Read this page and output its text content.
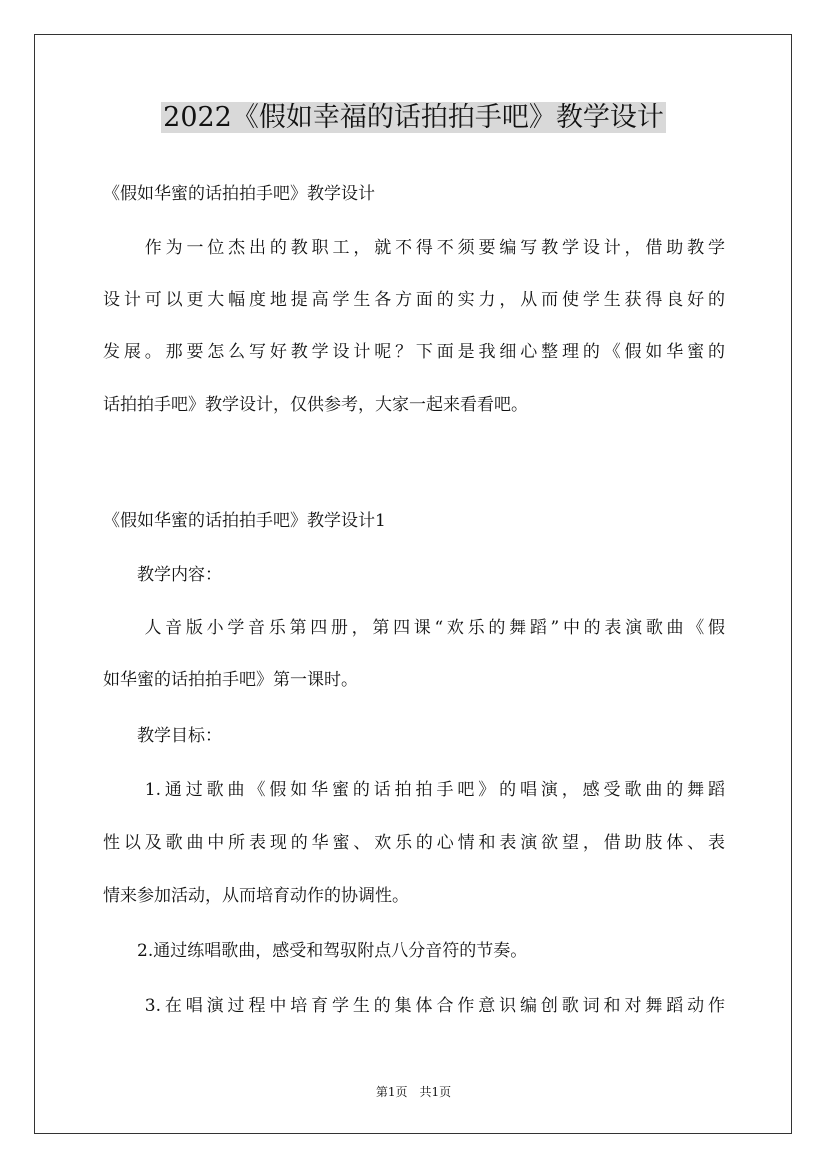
2022《假如幸福的话拍拍手吧》教学设计
《假如华蜜的话拍拍手吧》教学设计
　　作为一位杰出的教职工，就不得不须要编写教学设计，借助教学
设计可以更大幅度地提高学生各方面的实力，从而使学生获得良好的
发展。那要怎么写好教学设计呢？下面是我细心整理的《假如华蜜的
话拍拍手吧》教学设计，仅供参考，大家一起来看看吧。
《假如华蜜的话拍拍手吧》教学设计1
　　教学内容：
　　人音版小学音乐第四册，第四课“欢乐的舞蹈”中的表演歌曲《假
如华蜜的话拍拍手吧》第一课时。
　　教学目标：
　　1.通过歌曲《假如华蜜的话拍拍手吧》的唱演，感受歌曲的舞蹈
性以及歌曲中所表现的华蜜、欢乐的心情和表演欲望，借助肢体、表
情来参加活动，从而培育动作的协调性。
　　2.通过练唱歌曲，感受和驾驭附点八分音符的节奏。
　　3.在唱演过程中培育学生的集体合作意识编创歌词和对舞蹈动作
第1页　共1页
